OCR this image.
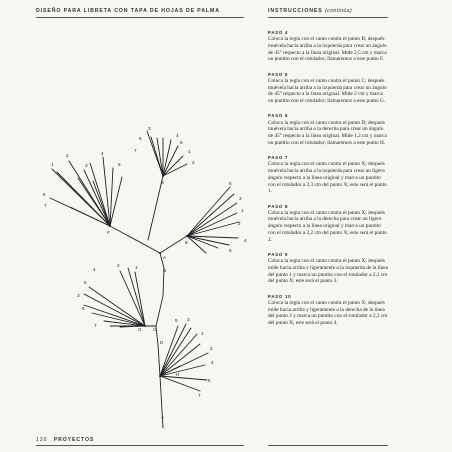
DISEÑO PARA LIBRETA CON TAPA DE HOJAS DE PALMA	INSTRUCCIONES (continúa)
X
F
E
A
B
C
D
G
H
Y
3
4
5
6
7	1
2
1
2
3
4
5
6
7
5
3
1
2
4
6
2
4	1
5
3
6
7
5 3
1
2
4
6
7
PASO 4
Coloca la regla con el canto contra el punto B; después muévela hacia arriba a la izquierda para crear un ángulo de 45° respecto a la línea original. Mide 2,5 cm y marca un puntito con el rotulador; llamaremos a este punto F.
PASO 5
Coloca la regla con el canto contra el punto C; después muévela hacia arriba a la izquierda para crear un ángulo de 45° respecto a la línea original. Mide 2 cm y marca un puntito con el rotulador; llamaremos a este punto G.
PASO 6
Coloca la regla con el canto contra el punto D; después muévela hacia arriba a la derecha para crear un ángulo de 45° respecto a la línea original. Mide 1,2 cm y marca un puntito con el rotulador; llamaremos a este punto H.
PASO 7
Coloca la regla con el canto contra el punto X; después muévela hacia arriba a la izquierda para crear un ligero ángulo respecto a la línea original y marca un puntito con el rotulador a 2,3 cm del punto X; este será el punto 1.
PASO 8
Coloca la regla con el canto contra el punto X; después muévela hacia arriba a la derecha para crear un ligero ángulo respecto a la línea original y marca un puntito con el rotulador a 2,2 cm del punto X; este será el punto 2.
PASO 9
Coloca la regla con el canto contra el punto X; después mide hacia arriba y ligeramente a la izquierda de la línea del punto 1 y marca un puntito con el rotulador a 2,2 cm del punto X; este será el punto 3.
PASO 10
Coloca la regla con el canto contra el punto X; después mide hacia arriba y ligeramente a la derecha de la línea del punto 2 y marca un puntito con el rotulador a 2,2 cm del punto X; este será el punto 4.
130 PROYECTOS
